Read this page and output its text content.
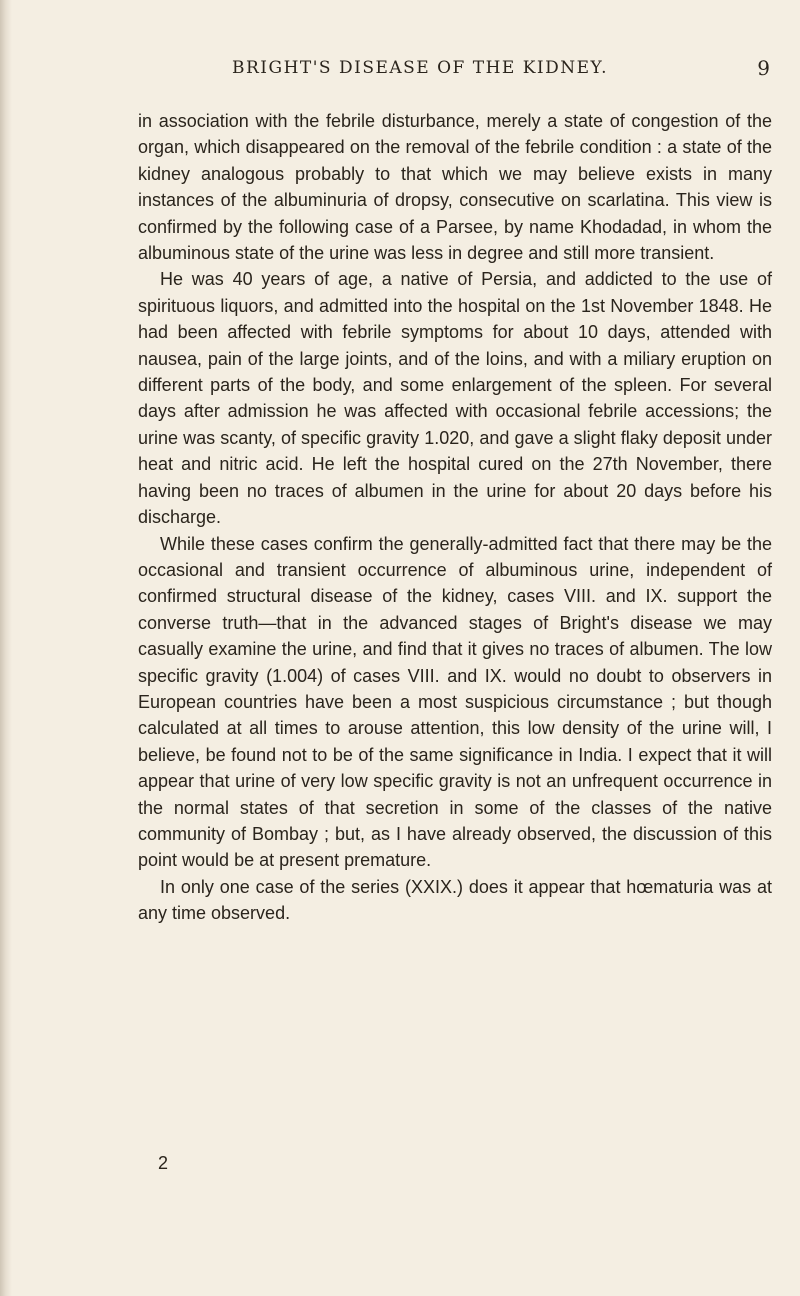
BRIGHT'S DISEASE OF THE KIDNEY.	9

in association with the febrile disturbance, merely a state of congestion of the organ, which disappeared on the removal of the febrile condition : a state of the kidney analogous probably to that which we may believe exists in many instances of the albuminuria of dropsy, consecutive on scarlatina. This view is confirmed by the following case of a Parsee, by name Khodadad, in whom the albuminous state of the urine was less in degree and still more transient.

He was 40 years of age, a native of Persia, and addicted to the use of spirituous liquors, and admitted into the hospital on the 1st November 1848. He had been affected with febrile symptoms for about 10 days, attended with nausea, pain of the large joints, and of the loins, and with a miliary eruption on different parts of the body, and some enlargement of the spleen. For several days after admission he was affected with occasional febrile accessions; the urine was scanty, of specific gravity 1.020, and gave a slight flaky deposit under heat and nitric acid. He left the hospital cured on the 27th November, there having been no traces of albumen in the urine for about 20 days before his discharge.

While these cases confirm the generally-admitted fact that there may be the occasional and transient occurrence of albuminous urine, independent of confirmed structural disease of the kidney, cases VIII. and IX. support the converse truth—that in the advanced stages of Bright's disease we may casually examine the urine, and find that it gives no traces of albumen. The low specific gravity (1.004) of cases VIII. and IX. would no doubt to observers in European countries have been a most suspicious circumstance ; but though calculated at all times to arouse attention, this low density of the urine will, I believe, be found not to be of the same significance in India. I expect that it will appear that urine of very low specific gravity is not an unfrequent occurrence in the normal states of that secretion in some of the classes of the native community of Bombay ; but, as I have already observed, the discussion of this point would be at present premature.

In only one case of the series (XXIX.) does it appear that hœmaturia was at any time observed.

2
